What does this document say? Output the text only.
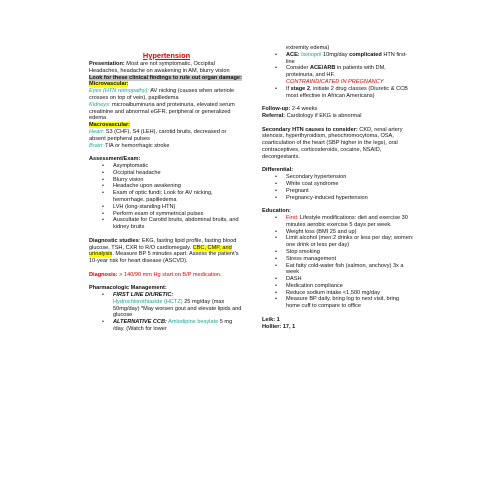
Hypertension

Presentation: Most are not symptomatic, Occipital Headaches, headache on awakening in AM, blurry vision

Look for these clinical findings to rule out organ damage:

Microvascular:

Eyes (HTN retinopathy): AV nicking (causes when arteriole crosses on top of vein), papilledema

Kidneys: microalbuminuria and proteinuria, elevated serum creatinine and abnormal eGFR, peripheral or generalized edema

Macrovascular:

Heart: S3 (CHF), S4 (LEH), carotid bruits, decreased or absent peripheral pulses

Brain: TIA or hemorrhagic stroke

Assessment/Exam:

• Asymptomatic
• Occipital headache
• Blurry vision
• Headache upon awakening
• Exam of optic fundi: Look for AV nicking, hemorrhage, papilledema
• LVH (long-standing HTN)
• Perform exam of symmetrical pulses
• Auscultate for Carotid bruits, abdominal bruits, and kidney bruits

Diagnostic studies: EKG, fasting lipid profile, fasting blood glucose, TSH, CXR to R/O cardiomegaly. CBC, CMP, and urinalysis. Measure BP 5 minutes apart. Assess the patient's 10-year risk for heart disease (ASCVD).

Diagnosis: > 140/90 mm Hg start on B/P medication.

Pharmacologic Management:

• FIRST LINE DIURETIC:
Hydrochlorothiazide (HCTZ) 25 mg/day (max 50mg/day) *May worsen gout and elevate lipids and glucose
• ALTERNATIVE CCB: Amlodipine besylate 5 mg /day. (Watch for lower

extremity edema)

• ACE: lisinopril 10mg/day complicated HTN first-line
• Consider ACE/ARB in patients with DM, proteinuria, and HF.
CONTRAINDICATED IN PREGNANCY
• If stage 2, initiate 2 drug classes (Diuretic & CCB most effective in African Americans)

Follow-up: 2-4 weeks

Referral: Cardiology if EKG is abnormal

Secondary HTN causes to consider: CKD, renal artery stenosis, hyperthyroidism, pheochromocytoma, OSA, coarticulation of the heart (SBP higher in the legs), oral contraceptives, corticosteroids, cocaine, NSAID, decongestants.

Differential:

• Secondary hypertension
• White coat syndrome
• Pregnant
• Pregnancy-induced hypertension

Education:

• First: Lifestyle modifications: diet and exercise 30 minutes aerobic exercise 5 days per week.
• Weight loss (BMI 25 and up)
• Limit alcohol (men:2 drinks or less per day; women: one drink or less per day)
• Stop smoking
• Stress management
• Eat fatty cold-water fish (salmon, anchovy) 3x a week
• DASH
• Medication compliance
• Reduce sodium intake <1,500 mg/day
• Measure BP daily, bring log to next visit, bring home cuff to compare to office

Leik: 1

Hollier: 17, 1
